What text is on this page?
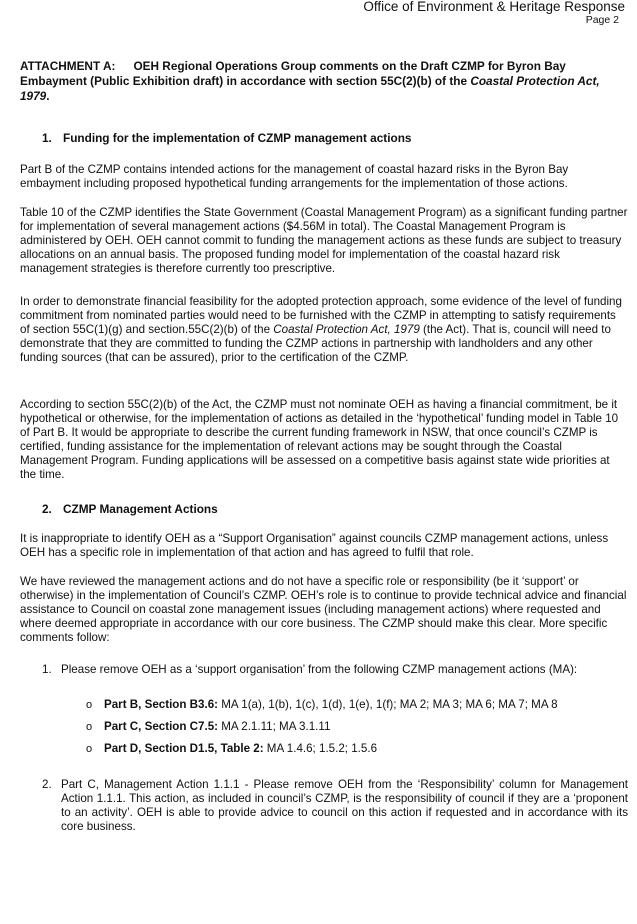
Office of Environment & Heritage Response
Page 2
ATTACHMENT A: OEH Regional Operations Group comments on the Draft CZMP for Byron Bay Embayment (Public Exhibition draft) in accordance with section 55C(2)(b) of the Coastal Protection Act, 1979.
1. Funding for the implementation of CZMP management actions

Part B of the CZMP contains intended actions for the management of coastal hazard risks in the Byron Bay embayment including proposed hypothetical funding arrangements for the implementation of those actions.

Table 10 of the CZMP identifies the State Government (Coastal Management Program) as a significant funding partner for implementation of several management actions ($4.56M in total). The Coastal Management Program is administered by OEH. OEH cannot commit to funding the management actions as these funds are subject to treasury allocations on an annual basis. The proposed funding model for implementation of the coastal hazard risk management strategies is therefore currently too prescriptive.

In order to demonstrate financial feasibility for the adopted protection approach, some evidence of the level of funding commitment from nominated parties would need to be furnished with the CZMP in attempting to satisfy requirements of section 55C(1)(g) and section.55C(2)(b) of the Coastal Protection Act, 1979 (the Act). That is, council will need to demonstrate that they are committed to funding the CZMP actions in partnership with landholders and any other funding sources (that can be assured), prior to the certification of the CZMP.

According to section 55C(2)(b) of the Act, the CZMP must not nominate OEH as having a financial commitment, be it hypothetical or otherwise, for the implementation of actions as detailed in the ‘hypothetical’ funding model in Table 10 of Part B. It would be appropriate to describe the current funding framework in NSW, that once council’s CZMP is certified, funding assistance for the implementation of relevant actions may be sought through the Coastal Management Program. Funding applications will be assessed on a competitive basis against state wide priorities at the time.

2. CZMP Management Actions

It is inappropriate to identify OEH as a “Support Organisation” against councils CZMP management actions, unless OEH has a specific role in implementation of that action and has agreed to fulfil that role.

We have reviewed the management actions and do not have a specific role or responsibility (be it ‘support’ or otherwise) in the implementation of Council’s CZMP. OEH’s role is to continue to provide technical advice and financial assistance to Council on coastal zone management issues (including management actions) where requested and where deemed appropriate in accordance with our core business. The CZMP should make this clear. More specific comments follow:

1. Please remove OEH as a ‘support organisation’ from the following CZMP management actions (MA):
o Part B, Section B3.6: MA 1(a), 1(b), 1(c), 1(d), 1(e), 1(f); MA 2; MA 3; MA 6; MA 7; MA 8
o Part C, Section C7.5: MA 2.1.11; MA 3.1.11
o Part D, Section D1.5, Table 2: MA 1.4.6; 1.5.2; 1.5.6
2. Part C, Management Action 1.1.1 - Please remove OEH from the ‘Responsibility’ column for Management Action 1.1.1. This action, as included in council’s CZMP, is the responsibility of council if they are a ‘proponent to an activity’. OEH is able to provide advice to council on this action if requested and in accordance with its core business.
